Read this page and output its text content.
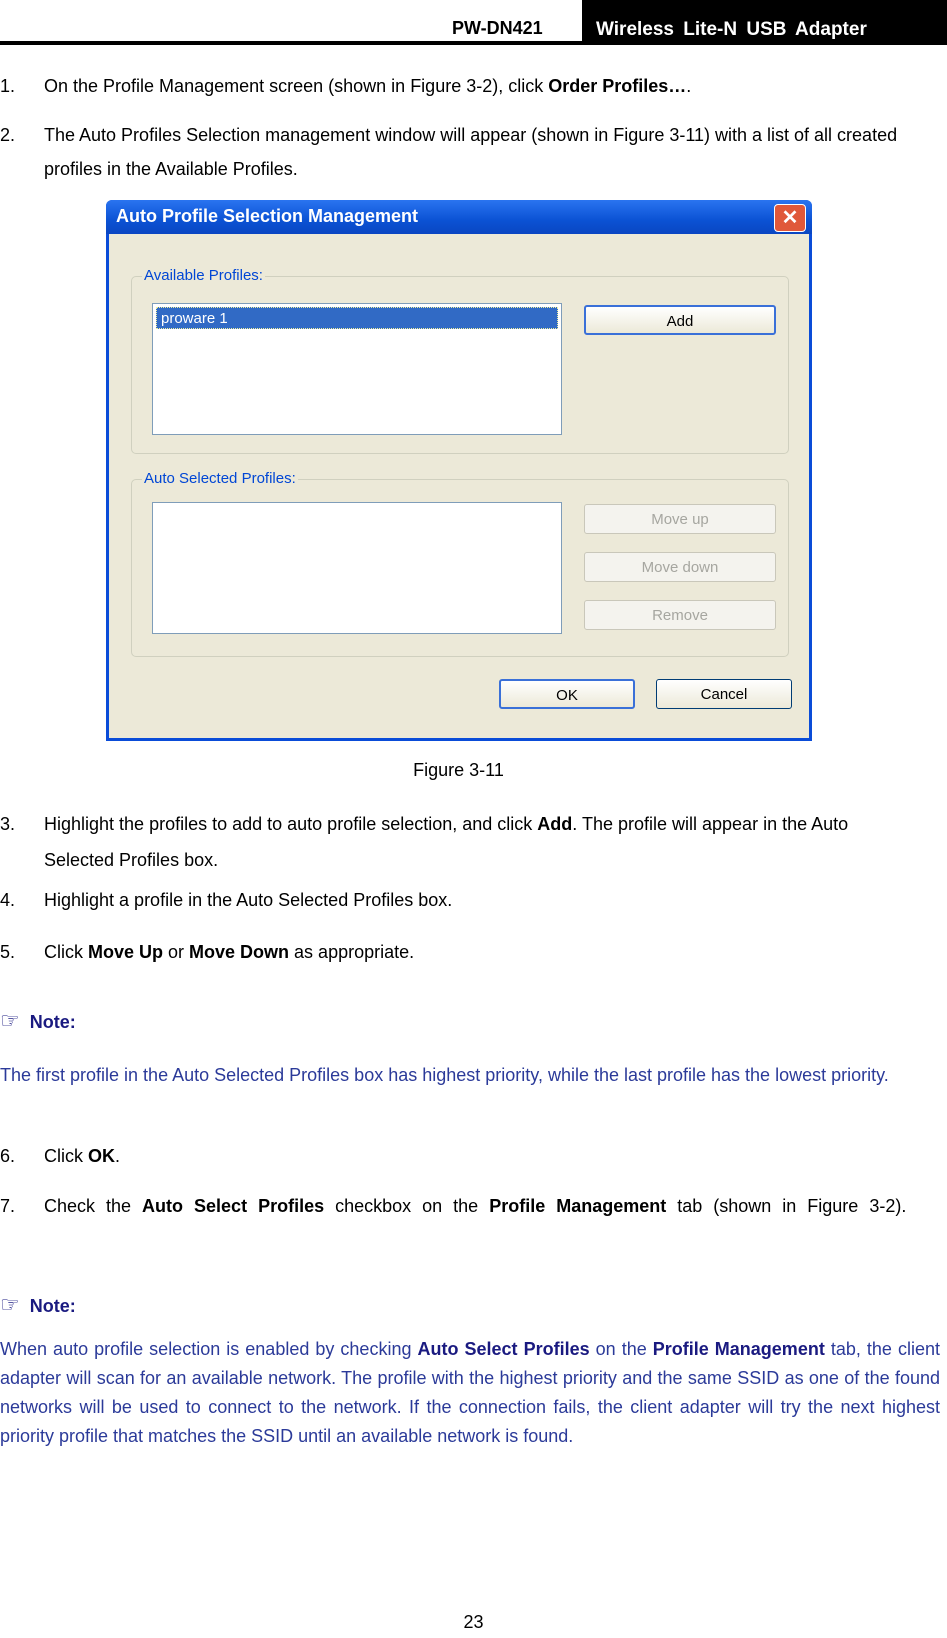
PW-DN421	Wireless Lite-N USB Adapter
1. On the Profile Management screen (shown in Figure 3-2), click Order Profiles….
2. The Auto Profiles Selection management window will appear (shown in Figure 3-11) with a list of all created profiles in the Available Profiles.
Auto Profile Selection Management	✕
Available Profiles:
proware 1	Add
Auto Selected Profiles:
Move up
Move down
Remove
OK	Cancel
Figure 3-11
3. Highlight the profiles to add to auto profile selection, and click Add. The profile will appear in the Auto Selected Profiles box.
4. Highlight a profile in the Auto Selected Profiles box.
5. Click Move Up or Move Down as appropriate.
☞ Note:
The first profile in the Auto Selected Profiles box has highest priority, while the last profile has the lowest priority.
6. Click OK.
7. Check the Auto Select Profiles checkbox on the Profile Management tab (shown in Figure 3-2).
☞ Note:
When auto profile selection is enabled by checking Auto Select Profiles on the Profile Management tab, the client adapter will scan for an available network. The profile with the highest priority and the same SSID as one of the found networks will be used to connect to the network. If the connection fails, the client adapter will try the next highest priority profile that matches the SSID until an available network is found.
23
